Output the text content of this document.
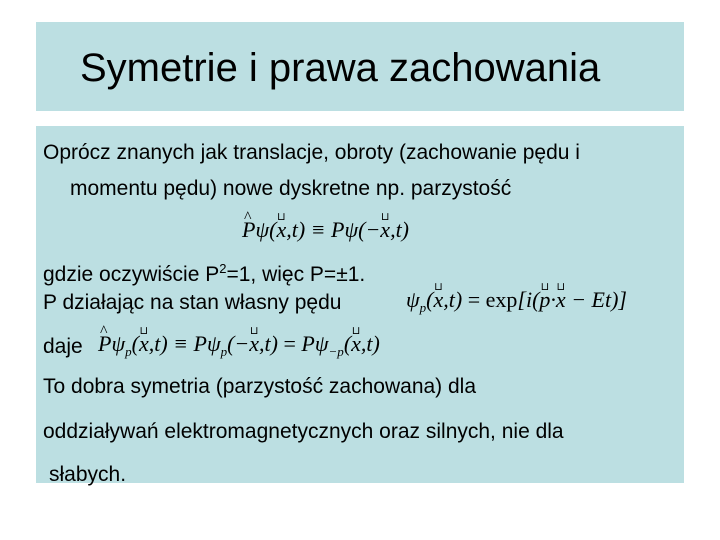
Symetrie i prawa zachowania
Oprócz znanych jak translacje, obroty (zachowanie pędu i
momentu pędu) nowe dyskretne np. parzystość
^ Pψ(⊔ x,t) ≡ Pψ(−⊔ x,t)
gdzie oczywiście $P^2=1$, więc P=±1.
P działając na stan własny pędu	$\psi_p(⊔$ x,t) = exp[i(⊔ p·⊔ x − Et)]
daje
^ $P\psi_p(⊔$ $x,t) \equiv P\psi_p(-⊔$ $x,t) = P\psi_{-p}(⊔$ x,t)
To dobra symetria (parzystość zachowana) dla
oddziaływań elektromagnetycznych oraz silnych, nie dla
słabych.
